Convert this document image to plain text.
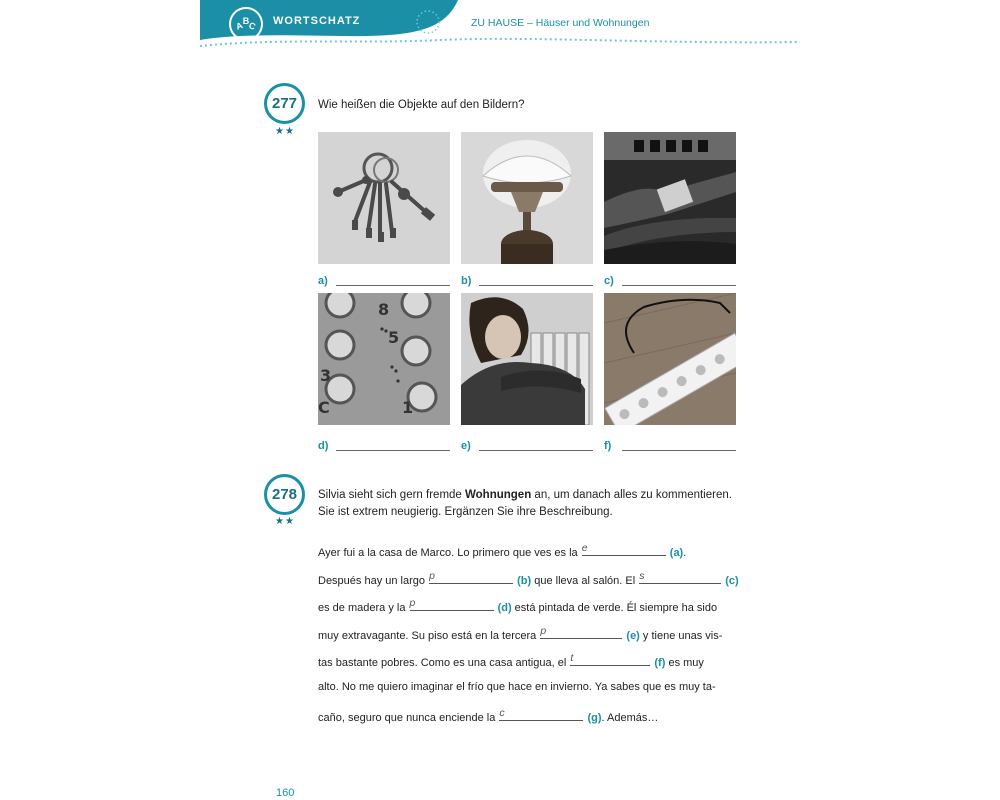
A
B
C WORTSCHATZ	ZU HAUSE – Häuser und Wohnungen
277
★★
Wie heißen die Objekte auf den Bildern?
a)	b)	c)
8
5
3
C	1
d)	e)	f)
278
★★
Silvia sieht sich gern fremde Wohnungen an, um danach alles zu kommentieren.
Sie ist extrem neugierig. Ergänzen Sie ihre Beschreibung.
Ayer fui a la casa de Marco. Lo primero que ves es la e	(a).
Después hay un largo p	(b) que lleva al salón. El s	(c)
es de madera y la p	(d) está pintada de verde. Él siempre ha sido
muy extravagante. Su piso está en la tercera p	(e) y tiene unas vis-
tas bastante pobres. Como es una casa antigua, el t	(f) es muy
alto. No me quiero imaginar el frío que hace en invierno. Ya sabes que es muy ta-
caño, seguro que nunca enciende la c	(g). Además…
160
